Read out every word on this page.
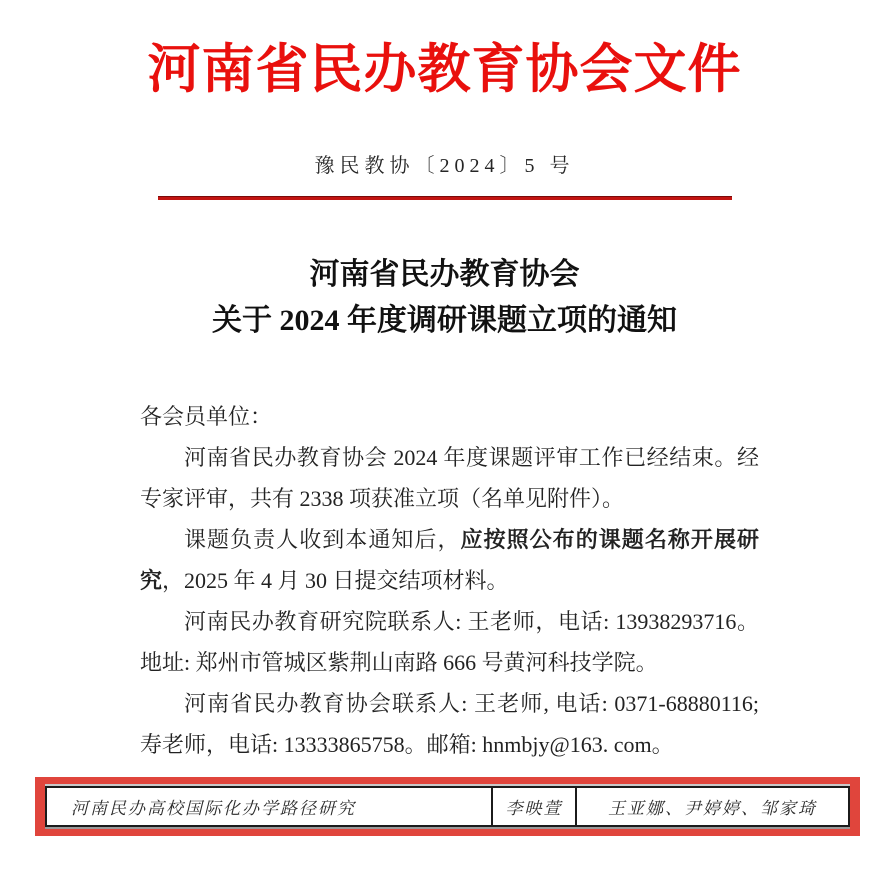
河南省民办教育协会文件
豫民教协〔2024〕5 号
河南省民办教育协会
关于 2024 年度调研课题立项的通知

各会员单位：

河南省民办教育协会 2024 年度课题评审工作已经结束。经专家评审，共有 2338 项获准立项（名单见附件）。

课题负责人收到本通知后，应按照公布的课题名称开展研究，2025 年 4 月 30 日提交结项材料。

河南民办教育研究院联系人: 王老师，电话: 13938293716。地址: 郑州市管城区紫荆山南路 666 号黄河科技学院。

河南省民办教育协会联系人: 王老师, 电话: 0371-68880116; 寿老师，电话: 13333865758。邮箱: hnmbjy@163. com。

河南民办高校国际化办学路径研究	李映萱	王亚娜、尹婷婷、邹家琦
